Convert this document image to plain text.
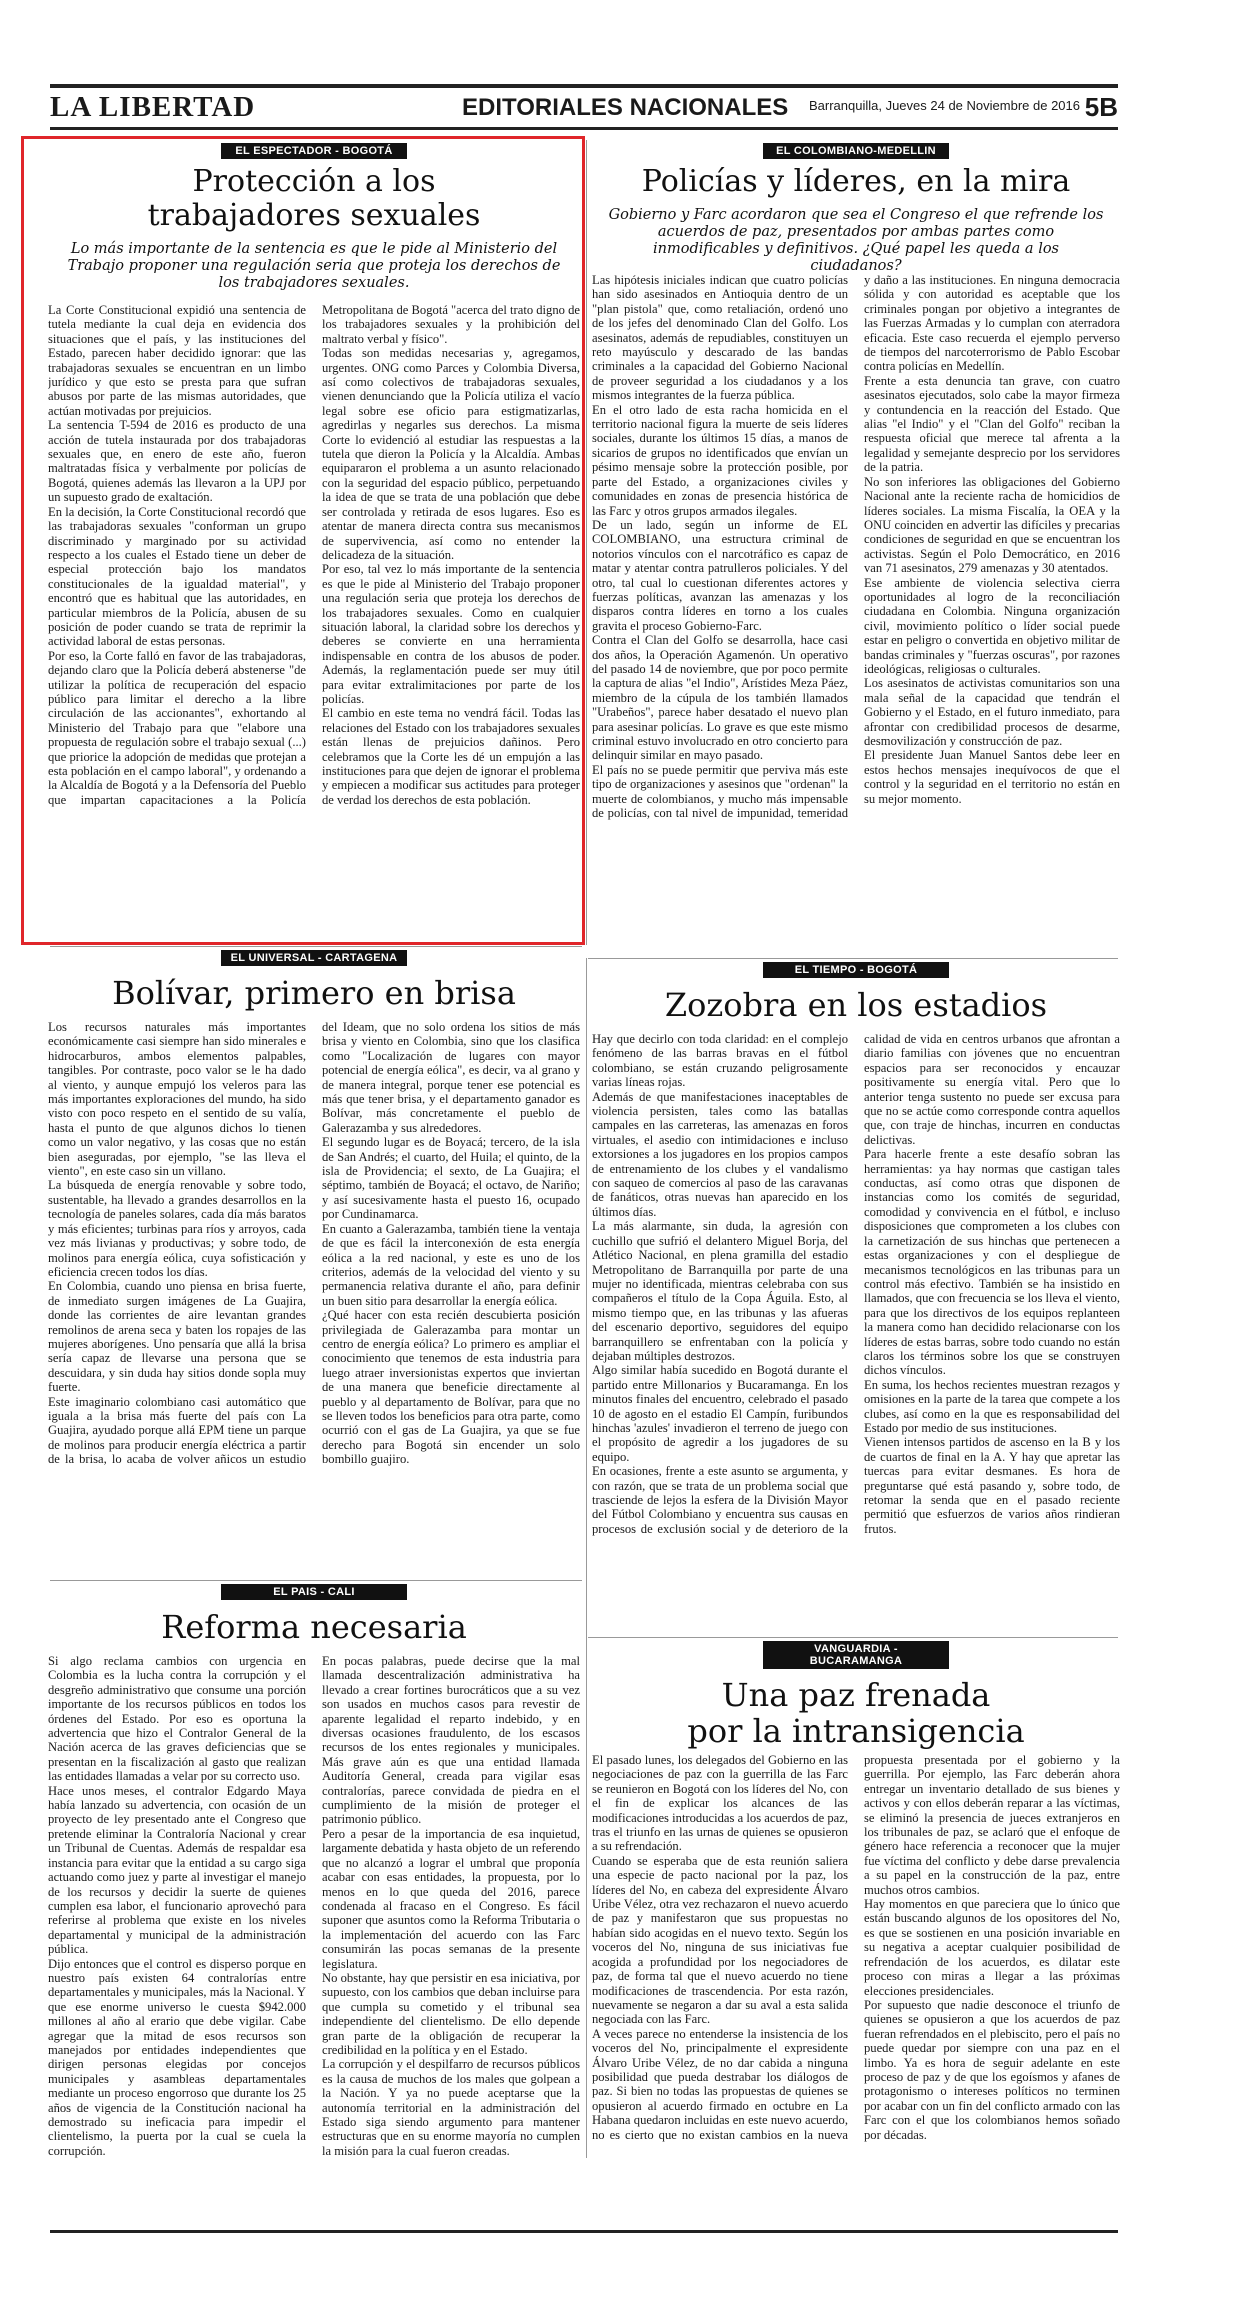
LA LIBERTAD	EDITORIALES NACIONALES Barranquilla, Jueves 24 de Noviembre de 2016 5B
EL ESPECTADOR - BOGOTÁ
Protección a los
trabajadores sexuales

Lo más importante de la sentencia es que le pide al Ministerio del Trabajo proponer una regulación seria que proteja los derechos de los trabajadores sexuales.

La Corte Constitucional expidió una sentencia de tutela mediante la cual deja en evidencia dos situaciones que el país, y las instituciones del Estado, parecen haber decidido ignorar: que las trabajadoras sexuales se encuentran en un limbo jurídico y que esto se presta para que sufran abusos por parte de las mismas autoridades, que actúan motivadas por prejuicios.

La sentencia T-594 de 2016 es producto de una acción de tutela instaurada por dos trabajadoras sexuales que, en enero de este año, fueron maltratadas física y verbalmente por policías de Bogotá, quienes además las llevaron a la UPJ por un supuesto grado de exaltación.

En la decisión, la Corte Constitucional recordó que las trabajadoras sexuales "conforman un grupo discriminado y marginado por su actividad respecto a los cuales el Estado tiene un deber de especial protección bajo los mandatos constitucionales de la igualdad material", y encontró que es habitual que las autoridades, en particular miembros de la Policía, abusen de su posición de poder cuando se trata de reprimir la actividad laboral de estas personas.

Por eso, la Corte falló en favor de las trabajadoras, dejando claro que la Policía deberá abstenerse "de utilizar la política de recuperación del espacio público para limitar el derecho a la libre circulación de las accionantes", exhortando al Ministerio del Trabajo para que "elabore una propuesta de regulación sobre el trabajo sexual (...) que priorice la adopción de medidas que protejan a esta población en el campo laboral", y ordenando a la Alcaldía de Bogotá y a la Defensoría del Pueblo que impartan capacitaciones a la Policía Metropolitana de Bogotá "acerca del trato digno de los trabajadores sexuales y la prohibición del maltrato verbal y físico".

Todas son medidas necesarias y, agregamos, urgentes. ONG como Parces y Colombia Diversa, así como colectivos de trabajadoras sexuales, vienen denunciando que la Policía utiliza el vacío legal sobre ese oficio para estigmatizarlas, agredirlas y negarles sus derechos. La misma Corte lo evidenció al estudiar las respuestas a la tutela que dieron la Policía y la Alcaldía. Ambas equipararon el problema a un asunto relacionado con la seguridad del espacio público, perpetuando la idea de que se trata de una población que debe ser controlada y retirada de esos lugares. Eso es atentar de manera directa contra sus mecanismos de supervivencia, así como no entender la delicadeza de la situación.

Por eso, tal vez lo más importante de la sentencia es que le pide al Ministerio del Trabajo proponer una regulación seria que proteja los derechos de los trabajadores sexuales. Como en cualquier situación laboral, la claridad sobre los derechos y deberes se convierte en una herramienta indispensable en contra de los abusos de poder. Además, la reglamentación puede ser muy útil para evitar extralimitaciones por parte de los policías.

El cambio en este tema no vendrá fácil. Todas las relaciones del Estado con los trabajadores sexuales están llenas de prejuicios dañinos. Pero celebramos que la Corte les dé un empujón a las instituciones para que dejen de ignorar el problema y empiecen a modificar sus actitudes para proteger de verdad los derechos de esta población.

EL COLOMBIANO-MEDELLIN
Policías y líderes, en la mira

Gobierno y Farc acordaron que sea el Congreso el que refrende los acuerdos de paz, presentados por ambas partes como inmodificables y definitivos. ¿Qué papel les queda a los ciudadanos?

Las hipótesis iniciales indican que cuatro policías han sido asesinados en Antioquia dentro de un "plan pistola" que, como retaliación, ordenó uno de los jefes del denominado Clan del Golfo. Los asesinatos, además de repudiables, constituyen un reto mayúsculo y descarado de las bandas criminales a la capacidad del Gobierno Nacional de proveer seguridad a los ciudadanos y a los mismos integrantes de la fuerza pública.

En el otro lado de esta racha homicida en el territorio nacional figura la muerte de seis líderes sociales, durante los últimos 15 días, a manos de sicarios de grupos no identificados que envían un pésimo mensaje sobre la protección posible, por parte del Estado, a organizaciones civiles y comunidades en zonas de presencia histórica de las Farc y otros grupos armados ilegales.

De un lado, según un informe de EL COLOMBIANO, una estructura criminal de notorios vínculos con el narcotráfico es capaz de matar y atentar contra patrulleros policiales. Y del otro, tal cual lo cuestionan diferentes actores y fuerzas políticas, avanzan las amenazas y los disparos contra líderes en torno a los cuales gravita el proceso Gobierno-Farc.

Contra el Clan del Golfo se desarrolla, hace casi dos años, la Operación Agamenón. Un operativo del pasado 14 de noviembre, que por poco permite la captura de alias "el Indio", Arístides Meza Páez, miembro de la cúpula de los también llamados "Urabeños", parece haber desatado el nuevo plan para asesinar policías. Lo grave es que este mismo criminal estuvo involucrado en otro concierto para delinquir similar en mayo pasado.

El país no se puede permitir que perviva más este tipo de organizaciones y asesinos que "ordenan" la muerte de colombianos, y mucho más impensable de policías, con tal nivel de impunidad, temeridad y daño a las instituciones. En ninguna democracia sólida y con autoridad es aceptable que los criminales pongan por objetivo a integrantes de las Fuerzas Armadas y lo cumplan con aterradora eficacia. Este caso recuerda el ejemplo perverso de tiempos del narcoterrorismo de Pablo Escobar contra policías en Medellín.

Frente a esta denuncia tan grave, con cuatro asesinatos ejecutados, solo cabe la mayor firmeza y contundencia en la reacción del Estado. Que alias "el Indio" y el "Clan del Golfo" reciban la respuesta oficial que merece tal afrenta a la legalidad y semejante desprecio por los servidores de la patria.

No son inferiores las obligaciones del Gobierno Nacional ante la reciente racha de homicidios de líderes sociales. La misma Fiscalía, la OEA y la ONU coinciden en advertir las difíciles y precarias condiciones de seguridad en que se encuentran los activistas. Según el Polo Democrático, en 2016 van 71 asesinatos, 279 amenazas y 30 atentados.

Ese ambiente de violencia selectiva cierra oportunidades al logro de la reconciliación ciudadana en Colombia. Ninguna organización civil, movimiento político o líder social puede estar en peligro o convertida en objetivo militar de bandas criminales y "fuerzas oscuras", por razones ideológicas, religiosas o culturales.

Los asesinatos de activistas comunitarios son una mala señal de la capacidad que tendrán el Gobierno y el Estado, en el futuro inmediato, para afrontar con credibilidad procesos de desarme, desmovilización y construcción de paz.

El presidente Juan Manuel Santos debe leer en estos hechos mensajes inequívocos de que el control y la seguridad en el territorio no están en su mejor momento.

EL UNIVERSAL - CARTAGENA
Bolívar, primero en brisa

Los recursos naturales más importantes económicamente casi siempre han sido minerales e hidrocarburos, ambos elementos palpables, tangibles. Por contraste, poco valor se le ha dado al viento, y aunque empujó los veleros para las más importantes exploraciones del mundo, ha sido visto con poco respeto en el sentido de su valía, hasta el punto de que algunos dichos lo tienen como un valor negativo, y las cosas que no están bien aseguradas, por ejemplo, "se las lleva el viento", en este caso sin un villano.

La búsqueda de energía renovable y sobre todo, sustentable, ha llevado a grandes desarrollos en la tecnología de paneles solares, cada día más baratos y más eficientes; turbinas para ríos y arroyos, cada vez más livianas y productivas; y sobre todo, de molinos para energía eólica, cuya sofisticación y eficiencia crecen todos los días.

En Colombia, cuando uno piensa en brisa fuerte, de inmediato surgen imágenes de La Guajira, donde las corrientes de aire levantan grandes remolinos de arena seca y baten los ropajes de las mujeres aborígenes. Uno pensaría que allá la brisa sería capaz de llevarse una persona que se descuidara, y sin duda hay sitios donde sopla muy fuerte.

Este imaginario colombiano casi automático que iguala a la brisa más fuerte del país con La Guajira, ayudado porque allá EPM tiene un parque de molinos para producir energía eléctrica a partir de la brisa, lo acaba de volver añicos un estudio del Ideam, que no solo ordena los sitios de más brisa y viento en Colombia, sino que los clasifica como "Localización de lugares con mayor potencial de energía eólica", es decir, va al grano y de manera integral, porque tener ese potencial es más que tener brisa, y el departamento ganador es Bolívar, más concretamente el pueblo de Galerazamba y sus alrededores.

El segundo lugar es de Boyacá; tercero, de la isla de San Andrés; el cuarto, del Huila; el quinto, de la isla de Providencia; el sexto, de La Guajira; el séptimo, también de Boyacá; el octavo, de Nariño; y así sucesivamente hasta el puesto 16, ocupado por Cundinamarca.

En cuanto a Galerazamba, también tiene la ventaja de que es fácil la interconexión de esta energía eólica a la red nacional, y este es uno de los criterios, además de la velocidad del viento y su permanencia relativa durante el año, para definir un buen sitio para desarrollar la energía eólica.

¿Qué hacer con esta recién descubierta posición privilegiada de Galerazamba para montar un centro de energía eólica? Lo primero es ampliar el conocimiento que tenemos de esta industria para luego atraer inversionistas expertos que inviertan de una manera que beneficie directamente al pueblo y al departamento de Bolívar, para que no se lleven todos los beneficios para otra parte, como ocurrió con el gas de La Guajira, ya que se fue derecho para Bogotá sin encender un solo bombillo guajiro.

EL TIEMPO - BOGOTÁ
Zozobra en los estadios

Hay que decirlo con toda claridad: en el complejo fenómeno de las barras bravas en el fútbol colombiano, se están cruzando peligrosamente varias líneas rojas.

Además de que manifestaciones inaceptables de violencia persisten, tales como las batallas campales en las carreteras, las amenazas en foros virtuales, el asedio con intimidaciones e incluso extorsiones a los jugadores en los propios campos de entrenamiento de los clubes y el vandalismo con saqueo de comercios al paso de las caravanas de fanáticos, otras nuevas han aparecido en los últimos días.

La más alarmante, sin duda, la agresión con cuchillo que sufrió el delantero Miguel Borja, del Atlético Nacional, en plena gramilla del estadio Metropolitano de Barranquilla por parte de una mujer no identificada, mientras celebraba con sus compañeros el título de la Copa Águila. Esto, al mismo tiempo que, en las tribunas y las afueras del escenario deportivo, seguidores del equipo barranquillero se enfrentaban con la policía y dejaban múltiples destrozos.

Algo similar había sucedido en Bogotá durante el partido entre Millonarios y Bucaramanga. En los minutos finales del encuentro, celebrado el pasado 10 de agosto en el estadio El Campín, furibundos hinchas 'azules' invadieron el terreno de juego con el propósito de agredir a los jugadores de su equipo.

En ocasiones, frente a este asunto se argumenta, y con razón, que se trata de un problema social que trasciende de lejos la esfera de la División Mayor del Fútbol Colombiano y encuentra sus causas en procesos de exclusión social y de deterioro de la calidad de vida en centros urbanos que afrontan a diario familias con jóvenes que no encuentran espacios para ser reconocidos y encauzar positivamente su energía vital. Pero que lo anterior tenga sustento no puede ser excusa para que no se actúe como corresponde contra aquellos que, con traje de hinchas, incurren en conductas delictivas.

Para hacerle frente a este desafío sobran las herramientas: ya hay normas que castigan tales conductas, así como otras que disponen de instancias como los comités de seguridad, comodidad y convivencia en el fútbol, e incluso disposiciones que comprometen a los clubes con la carnetización de sus hinchas que pertenecen a estas organizaciones y con el despliegue de mecanismos tecnológicos en las tribunas para un control más efectivo. También se ha insistido en llamados, que con frecuencia se los lleva el viento, para que los directivos de los equipos replanteen la manera como han decidido relacionarse con los líderes de estas barras, sobre todo cuando no están claros los términos sobre los que se construyen dichos vínculos.

En suma, los hechos recientes muestran rezagos y omisiones en la parte de la tarea que compete a los clubes, así como en la que es responsabilidad del Estado por medio de sus instituciones.

Vienen intensos partidos de ascenso en la B y los de cuartos de final en la A. Y hay que apretar las tuercas para evitar desmanes. Es hora de preguntarse qué está pasando y, sobre todo, de retomar la senda que en el pasado reciente permitió que esfuerzos de varios años rindieran frutos.

EL PAIS - CALI
Reforma necesaria

Si algo reclama cambios con urgencia en Colombia es la lucha contra la corrupción y el desgreño administrativo que consume una porción importante de los recursos públicos en todos los órdenes del Estado. Por eso es oportuna la advertencia que hizo el Contralor General de la Nación acerca de las graves deficiencias que se presentan en la fiscalización al gasto que realizan las entidades llamadas a velar por su correcto uso.

Hace unos meses, el contralor Edgardo Maya había lanzado su advertencia, con ocasión de un proyecto de ley presentado ante el Congreso que pretende eliminar la Contraloría Nacional y crear un Tribunal de Cuentas. Además de respaldar esa instancia para evitar que la entidad a su cargo siga actuando como juez y parte al investigar el manejo de los recursos y decidir la suerte de quienes cumplen esa labor, el funcionario aprovechó para referirse al problema que existe en los niveles departamental y municipal de la administración pública.

Dijo entonces que el control es disperso porque en nuestro país existen 64 contralorías entre departamentales y municipales, más la Nacional. Y que ese enorme universo le cuesta $942.000 millones al año al erario que debe vigilar. Cabe agregar que la mitad de esos recursos son manejados por entidades independientes que dirigen personas elegidas por concejos municipales y asambleas departamentales mediante un proceso engorroso que durante los 25 años de vigencia de la Constitución nacional ha demostrado su ineficacia para impedir el clientelismo, la puerta por la cual se cuela la corrupción.

En pocas palabras, puede decirse que la mal llamada descentralización administrativa ha llevado a crear fortines burocráticos que a su vez son usados en muchos casos para revestir de aparente legalidad el reparto indebido, y en diversas ocasiones fraudulento, de los escasos recursos de los entes regionales y municipales. Más grave aún es que una entidad llamada Auditoría General, creada para vigilar esas contralorías, parece convidada de piedra en el cumplimiento de la misión de proteger el patrimonio público.

Pero a pesar de la importancia de esa inquietud, largamente debatida y hasta objeto de un referendo que no alcanzó a lograr el umbral que proponía acabar con esas entidades, la propuesta, por lo menos en lo que queda del 2016, parece condenada al fracaso en el Congreso. Es fácil suponer que asuntos como la Reforma Tributaria o la implementación del acuerdo con las Farc consumirán las pocas semanas de la presente legislatura.

No obstante, hay que persistir en esa iniciativa, por supuesto, con los cambios que deban incluirse para que cumpla su cometido y el tribunal sea independiente del clientelismo. De ello depende gran parte de la obligación de recuperar la credibilidad en la política y en el Estado.

La corrupción y el despilfarro de recursos públicos es la causa de muchos de los males que golpean a la Nación. Y ya no puede aceptarse que la autonomía territorial en la administración del Estado siga siendo argumento para mantener estructuras que en su enorme mayoría no cumplen la misión para la cual fueron creadas.

VANGUARDIA - BUCARAMANGA
Una paz frenada
por la intransigencia

El pasado lunes, los delegados del Gobierno en las negociaciones de paz con la guerrilla de las Farc se reunieron en Bogotá con los líderes del No, con el fin de explicar los alcances de las modificaciones introducidas a los acuerdos de paz, tras el triunfo en las urnas de quienes se opusieron a su refrendación.

Cuando se esperaba que de esta reunión saliera una especie de pacto nacional por la paz, los líderes del No, en cabeza del expresidente Álvaro Uribe Vélez, otra vez rechazaron el nuevo acuerdo de paz y manifestaron que sus propuestas no habían sido acogidas en el nuevo texto. Según los voceros del No, ninguna de sus iniciativas fue acogida a profundidad por los negociadores de paz, de forma tal que el nuevo acuerdo no tiene modificaciones de trascendencia. Por esta razón, nuevamente se negaron a dar su aval a esta salida negociada con las Farc.

A veces parece no entenderse la insistencia de los voceros del No, principalmente el expresidente Álvaro Uribe Vélez, de no dar cabida a ninguna posibilidad que pueda destrabar los diálogos de paz. Si bien no todas las propuestas de quienes se opusieron al acuerdo firmado en octubre en La Habana quedaron incluidas en este nuevo acuerdo, no es cierto que no existan cambios en la nueva propuesta presentada por el gobierno y la guerrilla. Por ejemplo, las Farc deberán ahora entregar un inventario detallado de sus bienes y activos y con ellos deberán reparar a las víctimas, se eliminó la presencia de jueces extranjeros en los tribunales de paz, se aclaró que el enfoque de género hace referencia a reconocer que la mujer fue víctima del conflicto y debe darse prevalencia a su papel en la construcción de la paz, entre muchos otros cambios.

Hay momentos en que pareciera que lo único que están buscando algunos de los opositores del No, es que se sostienen en una posición invariable en su negativa a aceptar cualquier posibilidad de refrendación de los acuerdos, es dilatar este proceso con miras a llegar a las próximas elecciones presidenciales.

Por supuesto que nadie desconoce el triunfo de quienes se opusieron a que los acuerdos de paz fueran refrendados en el plebiscito, pero el país no puede quedar por siempre con una paz en el limbo. Ya es hora de seguir adelante en este proceso de paz y de que los egoísmos y afanes de protagonismo o intereses políticos no terminen por acabar con un fin del conflicto armado con las Farc con el que los colombianos hemos soñado por décadas.
